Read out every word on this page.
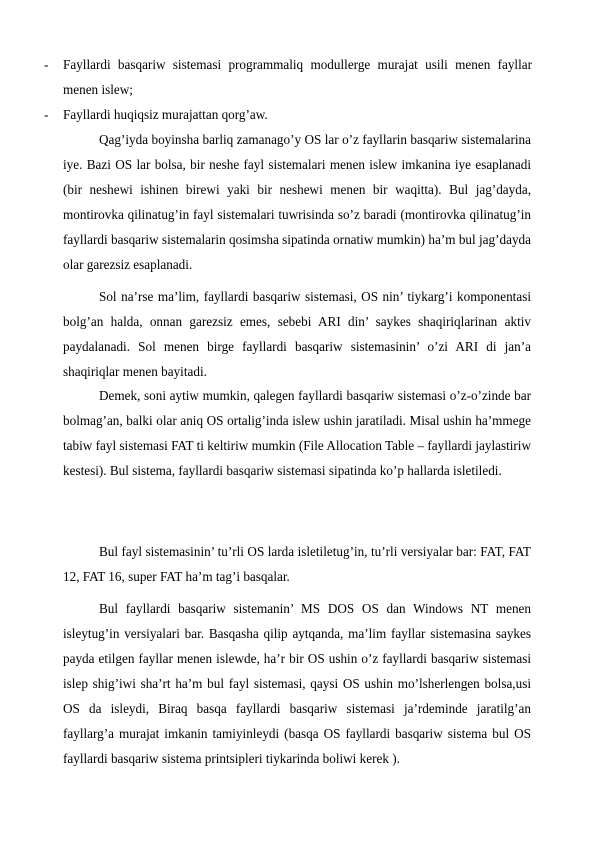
- Fayllardi basqariw sistemasi programmaliq modullerge murajat usili menen fayllar menen islew;
- Fayllardi huqiqsiz murajattan qorg’aw.

Qag’iyda boyinsha barliq zamanago’y OS lar o’z fayllarin basqariw sistemalarina iye. Bazi OS lar bolsa, bir neshe fayl sistemalari menen islew imkanina iye esaplanadi (bir neshewi ishinen birewi yaki bir neshewi menen bir waqitta). Bul jag’dayda, montirovka qilinatug’in fayl sistemalari tuwrisinda so’z baradi (montirovka qilinatug’in fayllardi basqariw sistemalarin qosimsha sipatinda ornatiw mumkin) ha’m bul jag’dayda olar garezsiz esaplanadi.

Sol na’rse ma’lim, fayllardi basqariw sistemasi, OS nin’ tiykarg’i komponentasi bolg’an halda, onnan garezsiz emes, sebebi ARI din’ saykes shaqiriqlarinan aktiv paydalanadi. Sol menen birge fayllardi basqariw sistemasinin’ o’zi ARI di jan’a shaqiriqlar menen bayitadi.

Demek, soni aytiw mumkin, qalegen fayllardi basqariw sistemasi o’z-o’zinde bar bolmag’an, balki olar aniq OS ortalig’inda islew ushin jaratiladi. Misal ushin ha’mmege tabiw fayl sistemasi FAT ti keltiriw mumkin (File Allocation Table – fayllardi jaylastiriw kestesi). Bul sistema, fayllardi basqariw sistemasi sipatinda ko’p hallarda isletiledi.

Bul fayl sistemasinin’ tu’rli OS larda isletiletug’in, tu’rli versiyalar bar: FAT, FAT 12, FAT 16, super FAT ha’m tag’i basqalar.

Bul fayllardi basqariw sistemanin’ MS DOS OS dan Windows NT menen isleytug’in versiyalari bar. Basqasha qilip aytqanda, ma’lim fayllar sistemasina saykes payda etilgen fayllar menen islewde, ha’r bir OS ushin o’z fayllardi basqariw sistemasi islep shig’iwi sha’rt ha’m bul fayl sistemasi, qaysi OS ushin mo’lsherlengen bolsa,usi OS da isleydi, Biraq basqa fayllardi basqariw sistemasi ja’rdeminde jaratilg’an fayllarg’a murajat imkanin tamiyinleydi (basqa OS fayllardi basqariw sistema bul OS fayllardi basqariw sistema printsipleri tiykarinda boliwi kerek ).
